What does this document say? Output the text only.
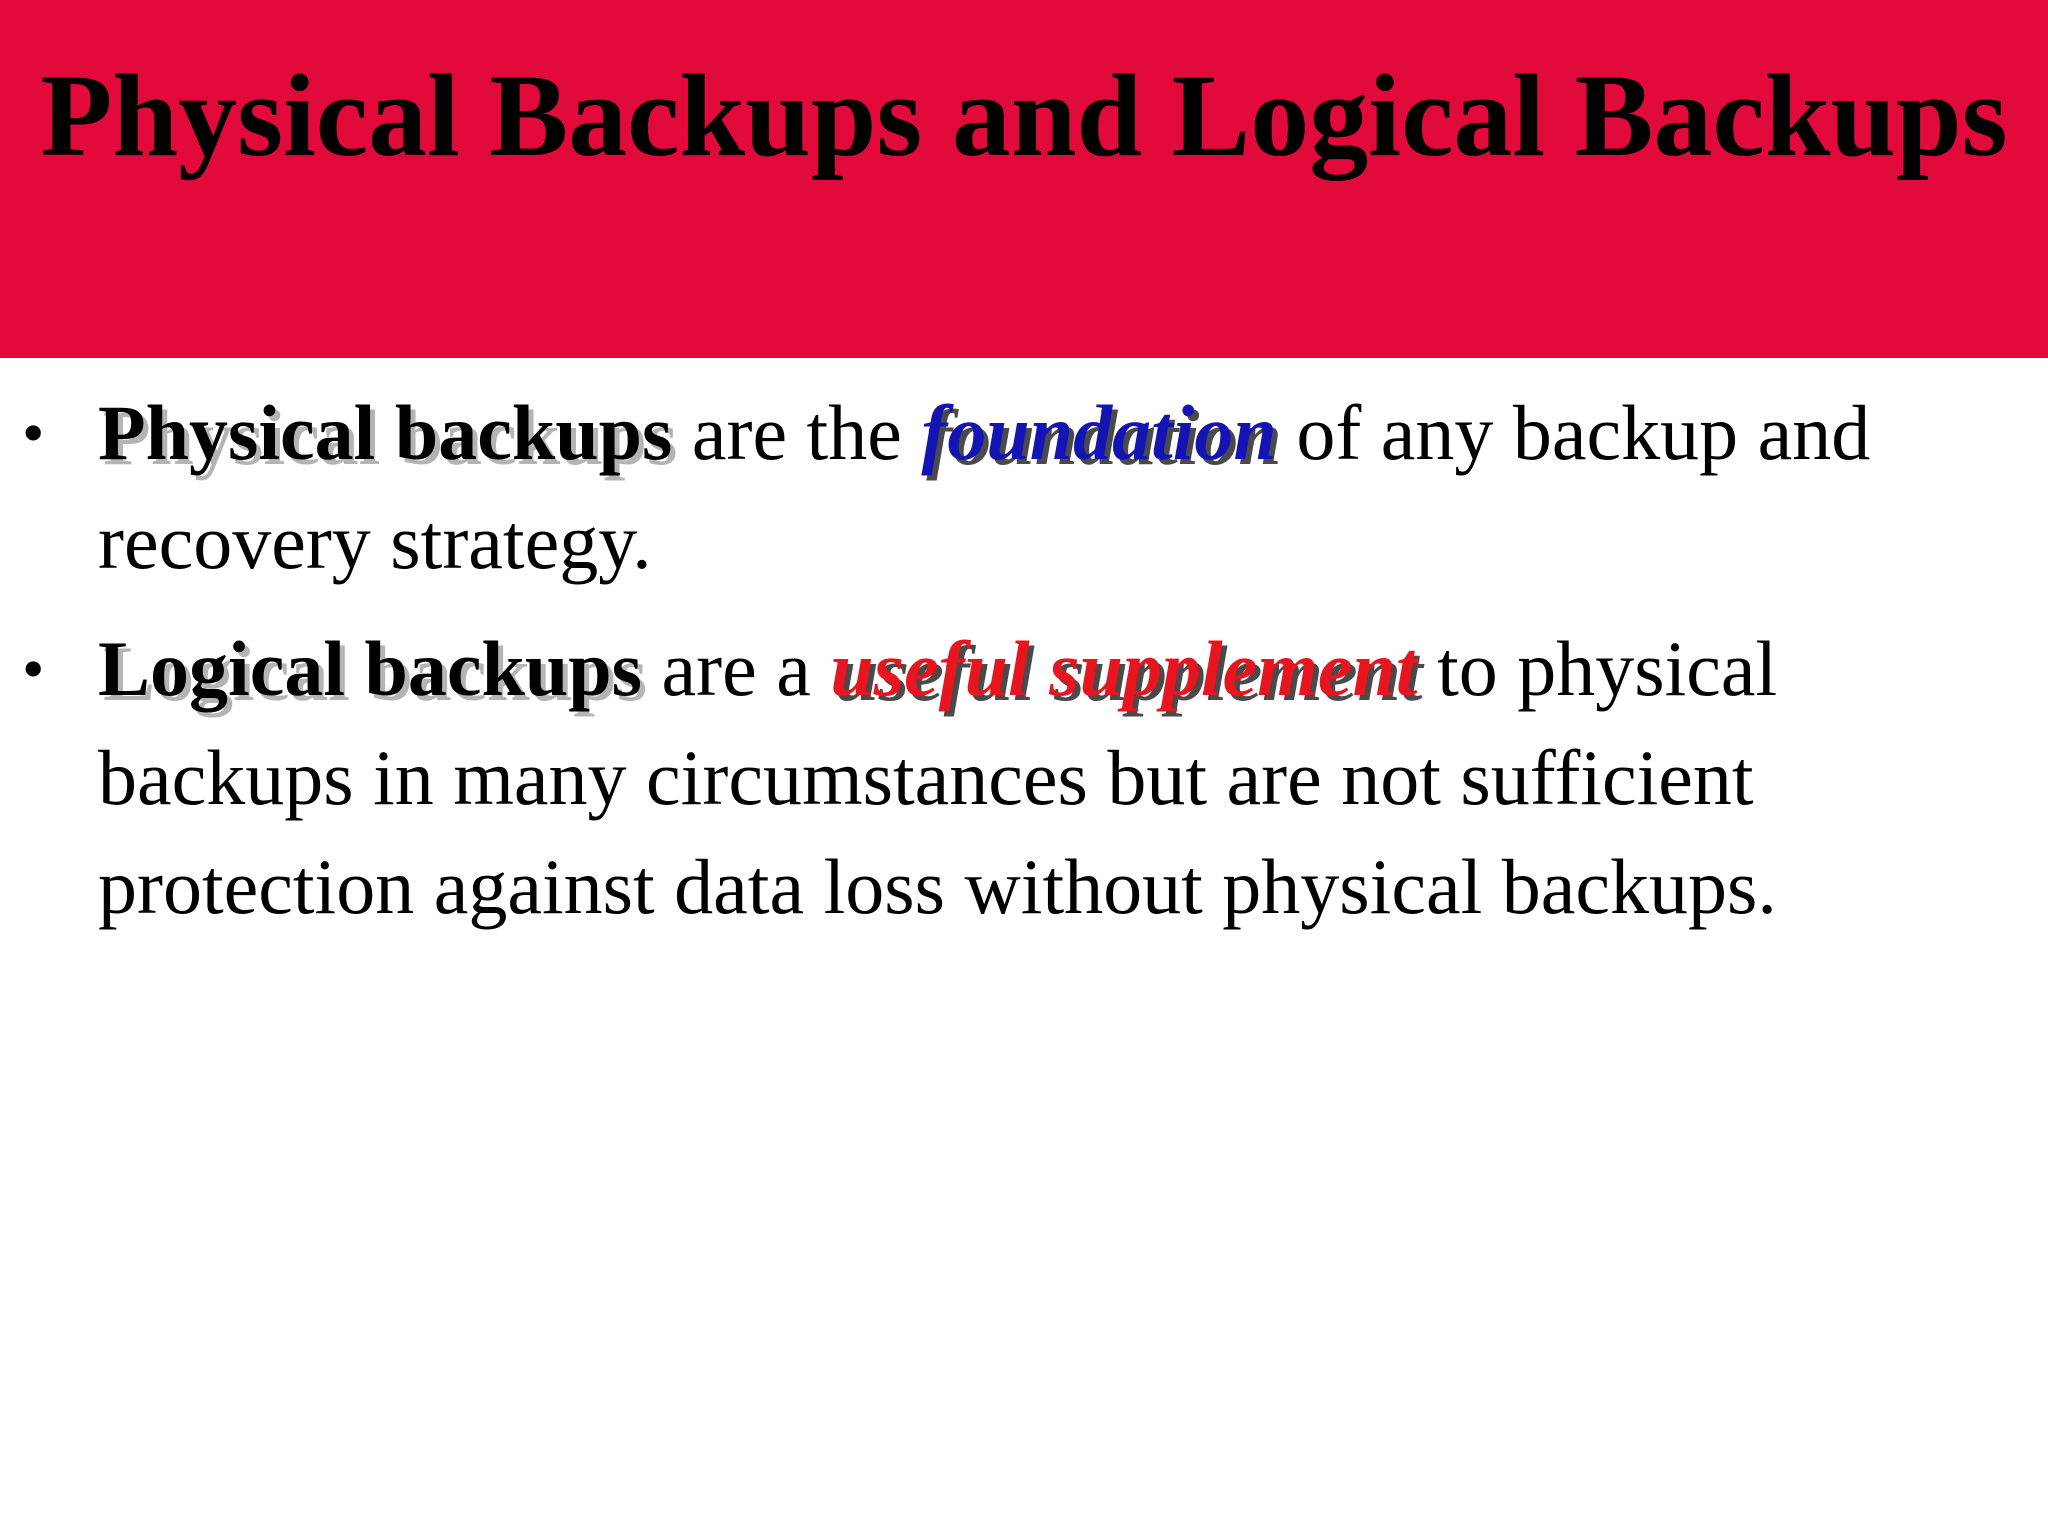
Physical Backups and Logical Backups
• Physical backups are the foundation of any backup and recovery strategy.
• Logical backups are a useful supplement to physical backups in many circumstances but are not sufficient protection against data loss without physical backups.
